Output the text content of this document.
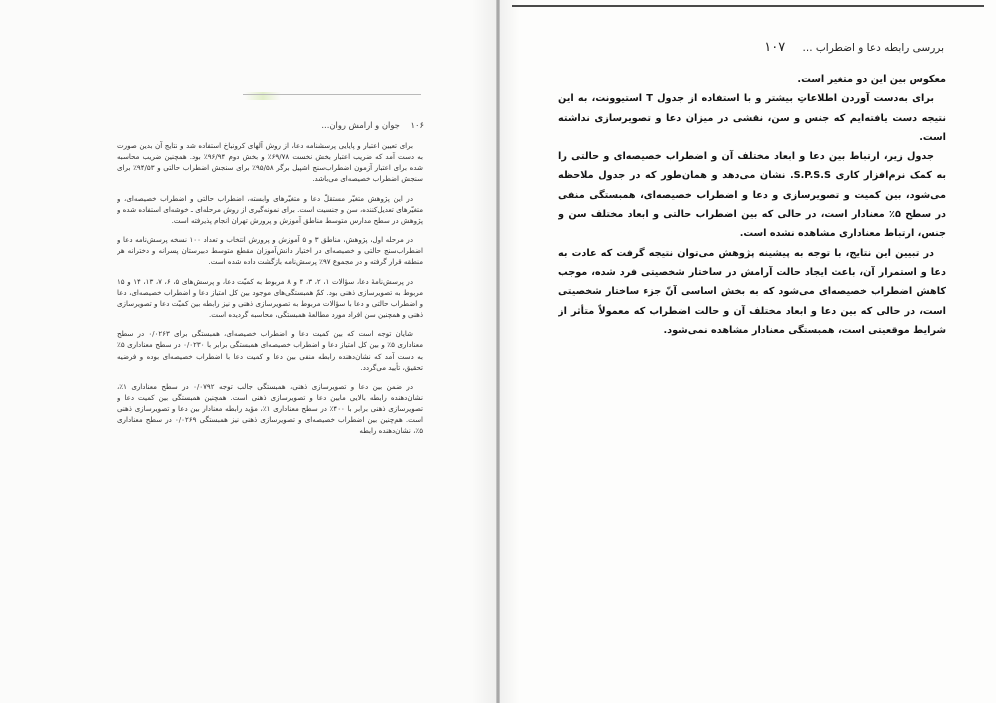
۱۰۶ جوان و ارامش روان...

برای تعیین اعتبار و پایایی پرسشنامه دعا، از روش آلهای کرونباخ استفاده شد و نتایج آن بدین صورت به دست آمد که ضریب اعتبار بخش نخست ۶۹/۷۸٪ و بخش دوم ۹۶/۹۴٪ بود. همچنین ضریب محاسبه شده برای اعتبار آزمون اضطراب‌سنج اشپیل برگر ۹۵/۵۸٪ برای سنجش اضطراب حالتی و ۹۴/۵۳٪ برای سنجش اضطراب خصیصه‌ای می‌باشد.

در این پژوهش متغیّر مستقلّ دعا و متغیّرهای وابسته، اضطراب حالتی و اضطراب خصیصه‌ای، و متغیّرهای تعدیل‌کننده، سن و جنسیت است. برای نمونه‌گیری از روش مرحله‌ای ـ خوشه‌ای استفاده شده و پژوهش در سطح مدارس متوسط مناطق آموزش و پرورش تهران انجام پذیرفته است.

در مرحله اول، پژوهش، مناطق ۳ و ۵ آموزش و پرورش انتخاب و تعداد ۱۰۰ نسخه پرسش‌نامه دعا و اضطراب‌سنج حالتی و خصیصه‌ای در اختیار دانش‌آموزان مقطع متوسط دبیرستان پسرانه و دخترانه هر منطقه قرار گرفته و در مجموع ۹۷٪ پرسش‌نامه بازگشت داده شده است.

در پرسش‌نامهٔ دعا، سؤالات ۱، ۲، ۳، ۴ و ۸ مربوط به کمیّت دعا، و پرسش‌های ۵، ۶، ۷، ۱۳، ۱۴ و ۱۵ مربوط به تصویرسازی ذهنی بود. کمّ همبستگی‌های موجود بین کل امتیاز دعا و اضطراب خصیصه‌ای، دعا و اضطراب حالتی و دعا با سؤالات مربوط به تصویرسازی ذهنی و نیز رابطه بین کمیّت دعا و تصویرسازی ذهنی و همچنین سن افراد مورد مطالعهٔ همبستگی، محاسبه گردیده است.

شایان توجه است که بین کمیت دعا و اضطراب خصیصه‌ای، همبستگی برای ۰/۰۲۶۳ در سطح معناداری ۵٪ و بین کل امتیاز دعا و اضطراب خصیصه‌ای همبستگی برابر با ۰/۰۲۳۰ در سطح معناداری ۵٪ به دست آمد که نشان‌دهنده رابطه منفی بین دعا و کمیت دعا با اضطراب خصیصه‌ای بوده و فرضیه تحقیق، تأیید می‌گردد.

در ضمن بین دعا و تصویرسازی ذهنی، همبستگی جالب توجه ۰/۰۷۹۲ در سطح معناداری ۱٪، نشان‌دهنده رابطه بالایی مابین دعا و تصویرسازی ذهنی است. همچنین همبستگی بین کمیت دعا و تصویرسازی ذهنی برابر با ۴۰۰٪ در سطح معناداری ۱٪، مؤید رابطه معنادار بین دعا و تصویرسازی ذهنی است. هم‌چنین بین اضطراب خصیصه‌ای و تصویرسازی ذهنی نیز همبستگی ۰/۰۲۶۹ در سطح معناداری ۵٪، نشان‌دهنده رابطه

بررسی رابطه دعا و اضطراب ... ۱۰۷

معکوس بین این دو متغیر است.

برای به‌دست آوردن اطلاعاتِ بیشتر و با استفاده از جدول T استیوونت، به این نتیجه دست یافته‌ایم که جنس و سن، نقشی در میزان دعا و تصویرسازی نداشته است.

جدول زیر، ارتباط بین دعا و ابعاد مختلف آن و اضطراب خصیصه‌ای و حالتی را به کمک نرم‌افزار کاری S.P.S.S. نشان می‌دهد و همان‌طور که در جدول ملاحظه می‌شود، بین کمیت و تصویرسازی و دعا و اضطراب خصیصه‌ای، همبستگی منفی در سطح ۵٪ معنادار است، در حالی که بین اضطراب حالتی و ابعاد مختلف سن و جنس، ارتباط معناداری مشاهده نشده است.

در تبیین این نتایج، با توجه به پیشینه پژوهش می‌توان نتیجه گرفت که عادت به دعا و استمرار آن، باعث ایجاد حالت آرامش در ساختار شخصیتی فرد شده، موجب کاهش اضطراب خصیصه‌ای می‌شود که به بخش اساسی آنّ جزء ساختار شخصیتی است، در حالی که بین دعا و ابعاد مختلف آن و حالت اضطراب که معمولاً متأثر از شرایط موقعیتی است، همبستگی معنادار مشاهده نمی‌شود.
